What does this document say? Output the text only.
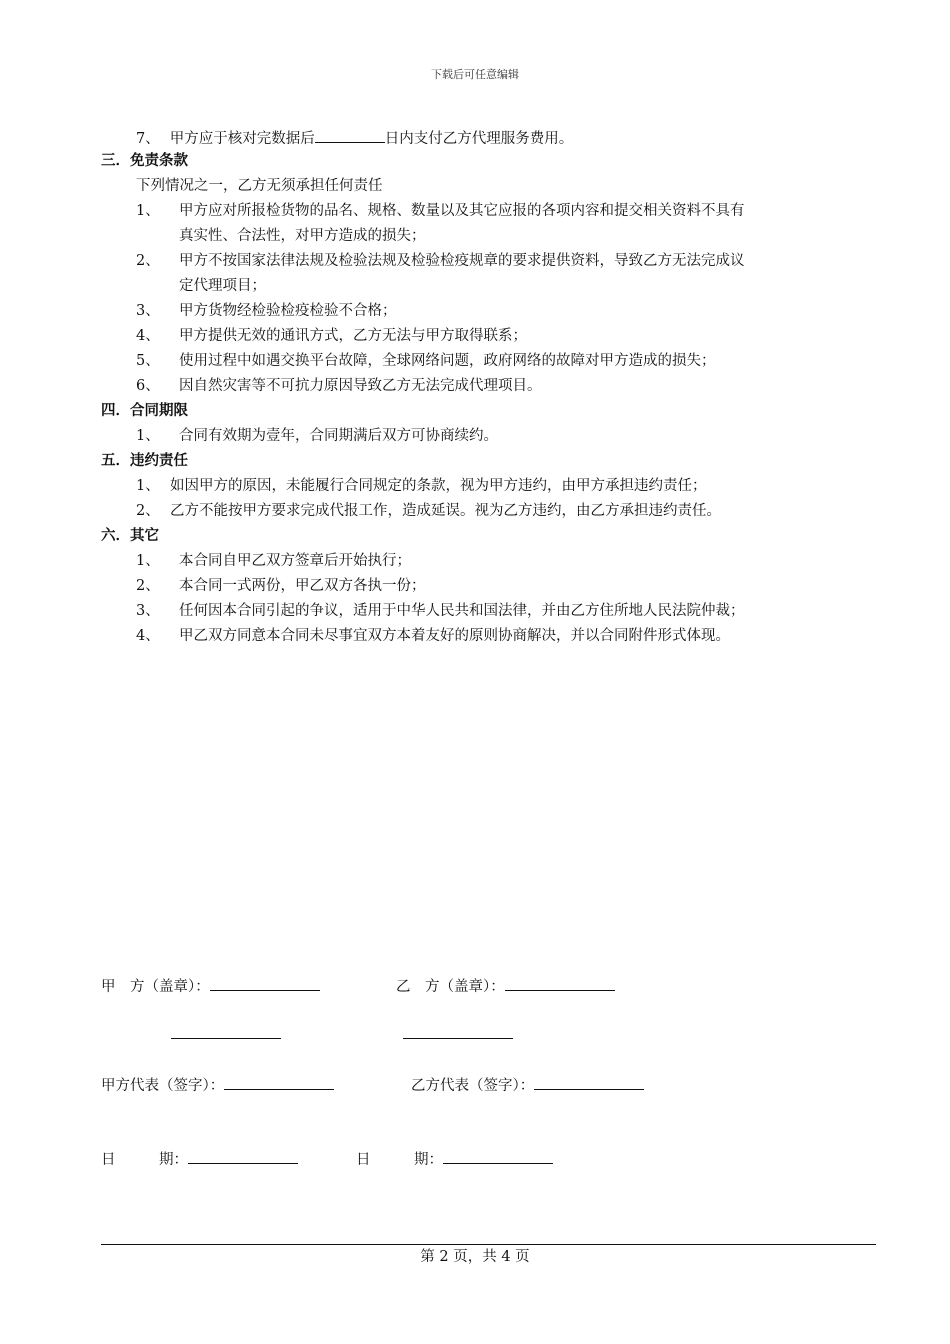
下载后可任意编辑
7、 甲方应于核对完数据后	日内支付乙方代理服务费用。
三．免责条款
下列情况之一，乙方无须承担任何责任
1、 甲方应对所报检货物的品名、规格、数量以及其它应报的各项内容和提交相关资料不具有
真实性、合法性，对甲方造成的损失；
2、 甲方不按国家法律法规及检验法规及检验检疫规章的要求提供资料，导致乙方无法完成议
定代理项目；
3、 甲方货物经检验检疫检验不合格；
4、 甲方提供无效的通讯方式，乙方无法与甲方取得联系；
5、 使用过程中如遇交换平台故障，全球网络问题，政府网络的故障对甲方造成的损失；
6、 因自然灾害等不可抗力原因导致乙方无法完成代理项目。
四．合同期限
1、 合同有效期为壹年，合同期满后双方可协商续约。
五．违约责任
1、 如因甲方的原因，未能履行合同规定的条款，视为甲方违约，由甲方承担违约责任；
2、 乙方不能按甲方要求完成代报工作，造成延误。视为乙方违约，由乙方承担违约责任。
六．其它
1、 本合同自甲乙双方签章后开始执行；
2、 本合同一式两份，甲乙双方各执一份；
3、 任何因本合同引起的争议，适用于中华人民共和国法律，并由乙方住所地人民法院仲裁；
4、 甲乙双方同意本合同未尽事宜双方本着友好的原则协商解决，并以合同附件形式体现。
甲　方（盖章）：	乙　方（盖章）：
甲方代表（签字）：	乙方代表（签字）：
日　　　期：	日　　　期：
第 2 页，共 4 页
